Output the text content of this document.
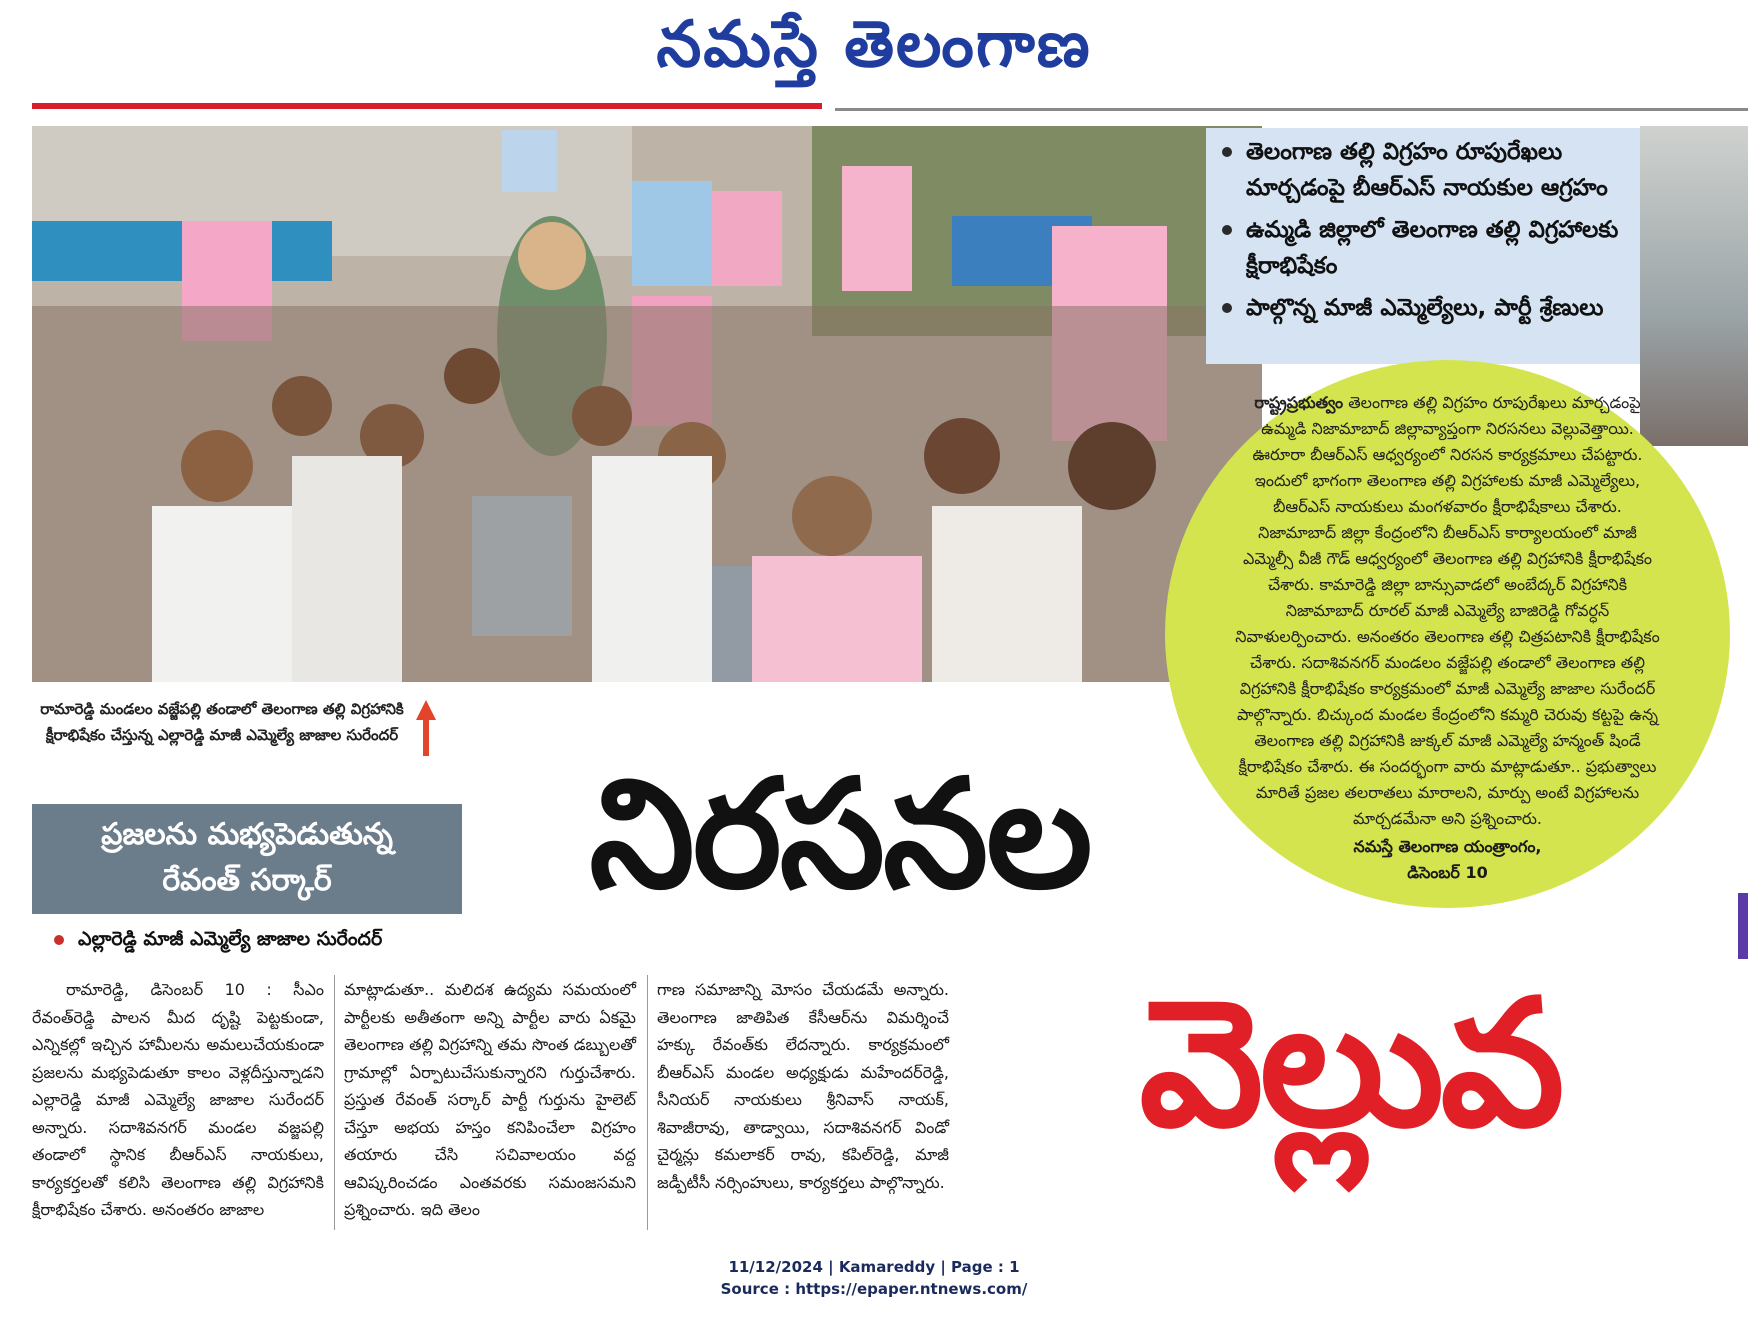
నమస్తే తెలంగాణ
తెలంగాణ తల్లి విగ్రహం రూపురేఖలు మార్చడంపై బీఆర్ఎస్ నాయకుల ఆగ్రహం
ఉమ్మడి జిల్లాలో తెలంగాణ తల్లి విగ్రహాలకు క్షీరాభిషేకం
పాల్గొన్న మాజీ ఎమ్మెల్యేలు, పార్టీ శ్రేణులు
రాష్ట్రప్రభుత్వం తెలంగాణ తల్లి విగ్రహం రూపురేఖలు మార్చడంపై ఉమ్మడి నిజామాబాద్ జిల్లావ్యాప్తంగా నిరసనలు వెల్లువెత్తాయి. ఊరూరా బీఆర్ఎస్ ఆధ్వర్యంలో నిరసన కార్యక్రమాలు చేపట్టారు. ఇందులో భాగంగా తెలంగాణ తల్లి విగ్రహాలకు మాజీ ఎమ్మెల్యేలు, బీఆర్ఎస్ నాయకులు మంగళవారం క్షీరాభిషేకాలు చేశారు. నిజామాబాద్ జిల్లా కేంద్రంలోని బీఆర్ఎస్ కార్యాలయంలో మాజీ ఎమ్మెల్సీ వీజీ గౌడ్ ఆధ్వర్యంలో తెలంగాణ తల్లి విగ్రహానికి క్షీరాభిషేకం చేశారు. కామారెడ్డి జిల్లా బాన్సువాడలో అంబేద్కర్ విగ్రహానికి నిజామాబాద్ రూరల్ మాజీ ఎమ్మెల్యే బాజిరెడ్డి గోవర్ధన్ నివాళులర్పించారు. అనంతరం తెలంగాణ తల్లి చిత్రపటానికి క్షీరాభిషేకం చేశారు. సదాశివనగర్ మండలం వజ్జేపల్లి తండాలో తెలంగాణ తల్లి విగ్రహానికి క్షీరాభిషేకం కార్యక్రమంలో మాజీ ఎమ్మెల్యే జాజాల సురేందర్ పాల్గొన్నారు. బిచ్కుంద మండల కేంద్రంలోని కమ్మరి చెరువు కట్టపై ఉన్న తెలంగాణ తల్లి విగ్రహానికి జుక్కల్ మాజీ ఎమ్మెల్యే హన్మంత్ షిండే క్షీరాభిషేకం చేశారు. ఈ సందర్భంగా వారు మాట్లాడుతూ.. ప్రభుత్వాలు మారితే ప్రజల తలరాతలు మారాలని, మార్పు అంటే విగ్రహాలను మార్చడమేనా అని ప్రశ్నించారు.
నమస్తే తెలంగాణ యంత్రాంగం,
డిసెంబర్ 10
రామారెడ్డి మండలం వజ్జేపల్లి తండాలో తెలంగాణ తల్లి విగ్రహానికి క్షీరాభిషేకం చేస్తున్న ఎల్లారెడ్డి మాజీ ఎమ్మెల్యే జాజాల సురేందర్
ప్రజలను మభ్యపెడుతున్న
రేవంత్ సర్కార్
ఎల్లారెడ్డి మాజీ ఎమ్మెల్యే జాజాల సురేందర్
నిరసనల
వెల్లువ
రామారెడ్డి, డిసెంబర్ 10 : సీఎం రేవంత్‌రెడ్డి పాలన మీద దృష్టి పెట్టకుండా, ఎన్నికల్లో ఇచ్చిన హామీలను అమలుచేయకుండా ప్రజలను మభ్యపెడుతూ కాలం వెళ్లదీస్తున్నాడని ఎల్లారెడ్డి మాజీ ఎమ్మెల్యే జాజాల సురేందర్ అన్నారు. సదాశివనగర్ మండల వజ్జపల్లి తండాలో స్థానిక బీఆర్ఎస్ నాయకులు, కార్యకర్తలతో కలిసి తెలంగాణ తల్లి విగ్రహానికి క్షీరాభిషేకం చేశారు. అనంతరం జాజాల
మాట్లాడుతూ.. మలిదశ ఉద్యమ సమయంలో పార్టీలకు అతీతంగా అన్ని పార్టీల వారు ఏకమై తెలంగాణ తల్లి విగ్రహాన్ని తమ సొంత డబ్బులతో గ్రామాల్లో ఏర్పాటుచేసుకున్నారని గుర్తుచేశారు. ప్రస్తుత రేవంత్ సర్కార్ పార్టీ గుర్తును హైలెట్ చేస్తూ అభయ హస్తం కనిపించేలా విగ్రహం తయారు చేసి సచివాలయం వద్ద ఆవిష్కరించడం ఎంతవరకు సమంజసమని ప్రశ్నించారు. ఇది తెలం
గాణ సమాజాన్ని మోసం చేయడమే అన్నారు. తెలంగాణ జాతిపిత కేసీఆర్‌ను విమర్శించే హక్కు రేవంత్‌కు లేదన్నారు. కార్యక్రమంలో బీఆర్ఎస్ మండల అధ్యక్షుడు మహేందర్‌రెడ్డి, సీనియర్ నాయకులు శ్రీనివాస్ నాయక్, శివాజీరావు, తాడ్వాయి, సదాశివనగర్ విండో చైర్మన్లు కమలాకర్ రావు, కపిల్‌రెడ్డి, మాజీ జడ్పీటీసీ నర్సింహులు, కార్యకర్తలు పాల్గొన్నారు.
11/12/2024 | Kamareddy | Page : 1
Source : https://epaper.ntnews.com/
